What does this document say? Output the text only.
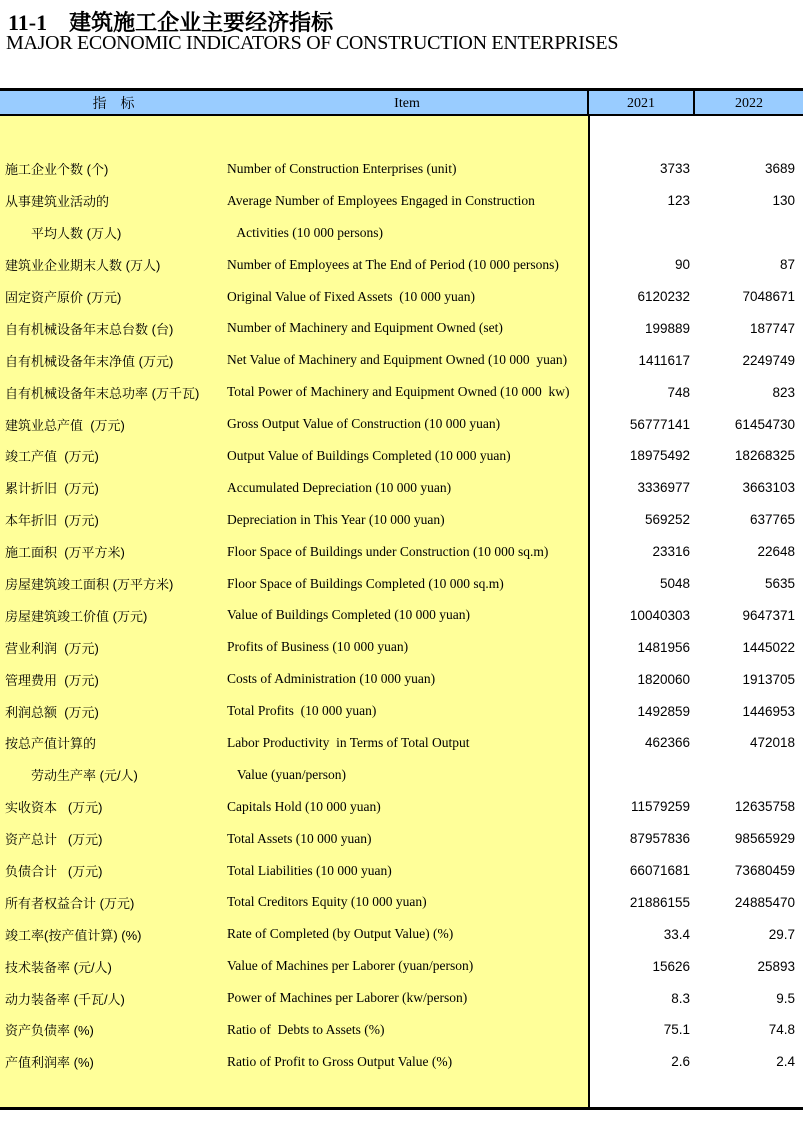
11-1　建筑施工企业主要经济指标
MAJOR ECONOMIC INDICATORS OF CONSTRUCTION ENTERPRISES
指　标	Item	2021	2022
施工企业个数 (个)	Number of Construction Enterprises (unit)	3733	3689
从事建筑业活动的	Average Number of Employees Engaged in Construction	123	130
　　平均人数 (万人)	Activities (10 000 persons)
建筑业企业期末人数 (万人)	Number of Employees at The End of Period (10 000 persons)	90	87
固定资产原价 (万元)	Original Value of Fixed Assets  (10 000 yuan)	6120232	7048671
自有机械设备年末总台数 (台)	Number of Machinery and Equipment Owned (set)	199889	187747
自有机械设备年末净值 (万元)	Net Value of Machinery and Equipment Owned (10 000  yuan)	1411617	2249749
自有机械设备年末总功率 (万千瓦)	Total Power of Machinery and Equipment Owned (10 000  kw)	748	823
建筑业总产值  (万元)	Gross Output Value of Construction (10 000 yuan)	56777141	61454730
竣工产值  (万元)	Output Value of Buildings Completed (10 000 yuan)	18975492	18268325
累计折旧  (万元)	Accumulated Depreciation (10 000 yuan)	3336977	3663103
本年折旧  (万元)	Depreciation in This Year (10 000 yuan)	569252	637765
施工面积  (万平方米)	Floor Space of Buildings under Construction (10 000 sq.m)	23316	22648
房屋建筑竣工面积 (万平方米)	Floor Space of Buildings Completed (10 000 sq.m)	5048	5635
房屋建筑竣工价值 (万元)	Value of Buildings Completed (10 000 yuan)	10040303	9647371
营业利润  (万元)	Profits of Business (10 000 yuan)	1481956	1445022
管理费用  (万元)	Costs of Administration (10 000 yuan)	1820060	1913705
利润总额  (万元)	Total Profits  (10 000 yuan)	1492859	1446953
按总产值计算的	Labor Productivity  in Terms of Total Output	462366	472018
　　劳动生产率 (元/人)	Value (yuan/person)
实收资本   (万元)	Capitals Hold (10 000 yuan)	11579259	12635758
资产总计   (万元)	Total Assets (10 000 yuan)	87957836	98565929
负债合计   (万元)	Total Liabilities (10 000 yuan)	66071681	73680459
所有者权益合计 (万元)	Total Creditors Equity (10 000 yuan)	21886155	24885470
竣工率(按产值计算) (%)	Rate of Completed (by Output Value) (%)	33.4	29.7
技术装备率 (元/人)	Value of Machines per Laborer (yuan/person)	15626	25893
动力装备率 (千瓦/人)	Power of Machines per Laborer (kw/person)	8.3	9.5
资产负债率 (%)	Ratio of  Debts to Assets (%)	75.1	74.8
产值利润率 (%)	Ratio of Profit to Gross Output Value (%)	2.6	2.4
